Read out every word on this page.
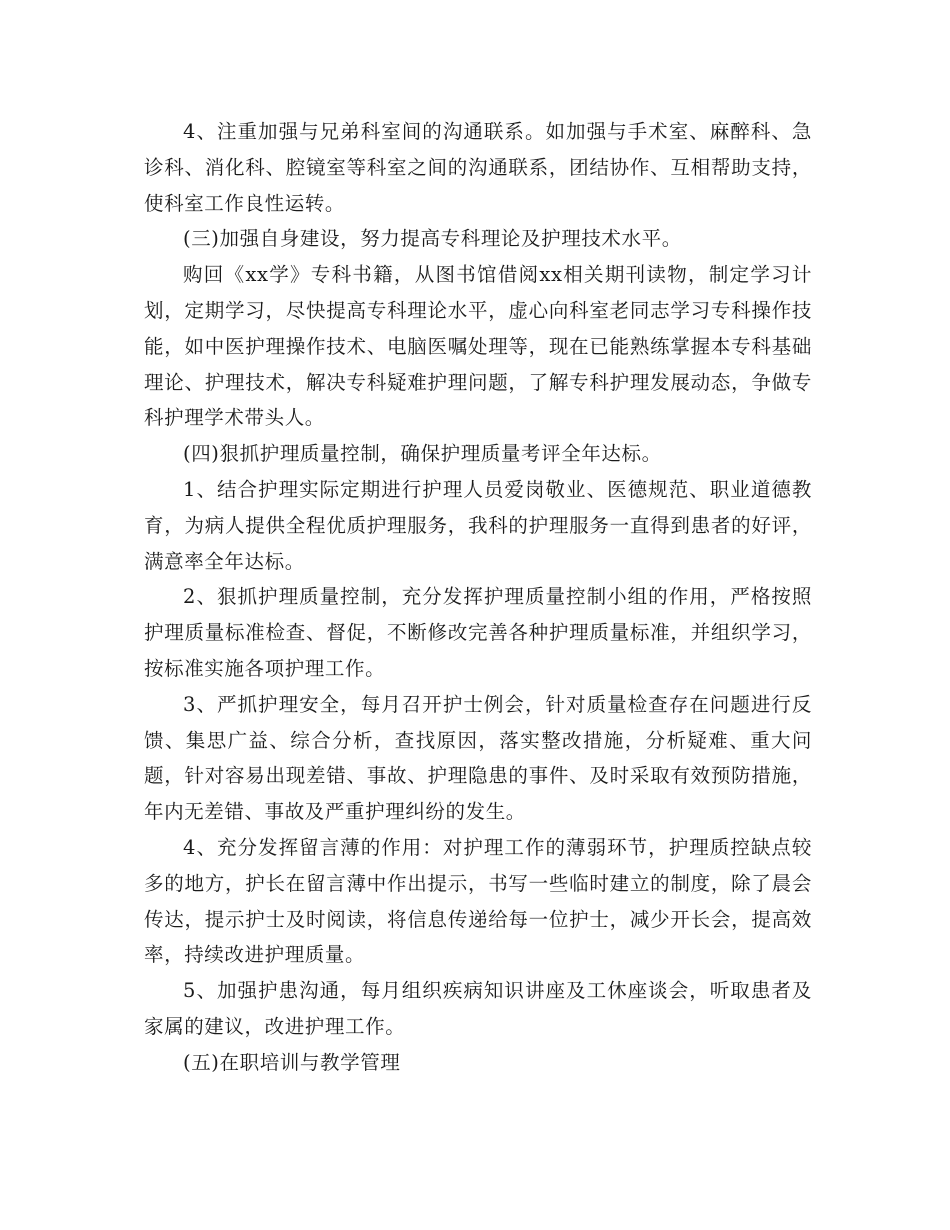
4、注重加强与兄弟科室间的沟通联系。如加强与手术室、麻醉科、急诊科、消化科、腔镜室等科室之间的沟通联系，团结协作、互相帮助支持，使科室工作良性运转。

(三)加强自身建设，努力提高专科理论及护理技术水平。

购回《xx学》专科书籍，从图书馆借阅xx相关期刊读物，制定学习计划，定期学习，尽快提高专科理论水平，虚心向科室老同志学习专科操作技能，如中医护理操作技术、电脑医嘱处理等，现在已能熟练掌握本专科基础理论、护理技术，解决专科疑难护理问题，了解专科护理发展动态，争做专科护理学术带头人。

(四)狠抓护理质量控制，确保护理质量考评全年达标。

1、结合护理实际定期进行护理人员爱岗敬业、医德规范、职业道德教育，为病人提供全程优质护理服务，我科的护理服务一直得到患者的好评，满意率全年达标。

2、狠抓护理质量控制，充分发挥护理质量控制小组的作用，严格按照护理质量标准检查、督促，不断修改完善各种护理质量标准，并组织学习，按标准实施各项护理工作。

3、严抓护理安全，每月召开护士例会，针对质量检查存在问题进行反馈、集思广益、综合分析，查找原因，落实整改措施，分析疑难、重大问题，针对容易出现差错、事故、护理隐患的事件、及时采取有效预防措施，年内无差错、事故及严重护理纠纷的发生。

4、充分发挥留言薄的作用：对护理工作的薄弱环节，护理质控缺点较多的地方，护长在留言薄中作出提示，书写一些临时建立的制度，除了晨会传达，提示护士及时阅读，将信息传递给每一位护士，减少开长会，提高效率，持续改进护理质量。

5、加强护患沟通，每月组织疾病知识讲座及工休座谈会，听取患者及家属的建议，改进护理工作。

(五)在职培训与教学管理
